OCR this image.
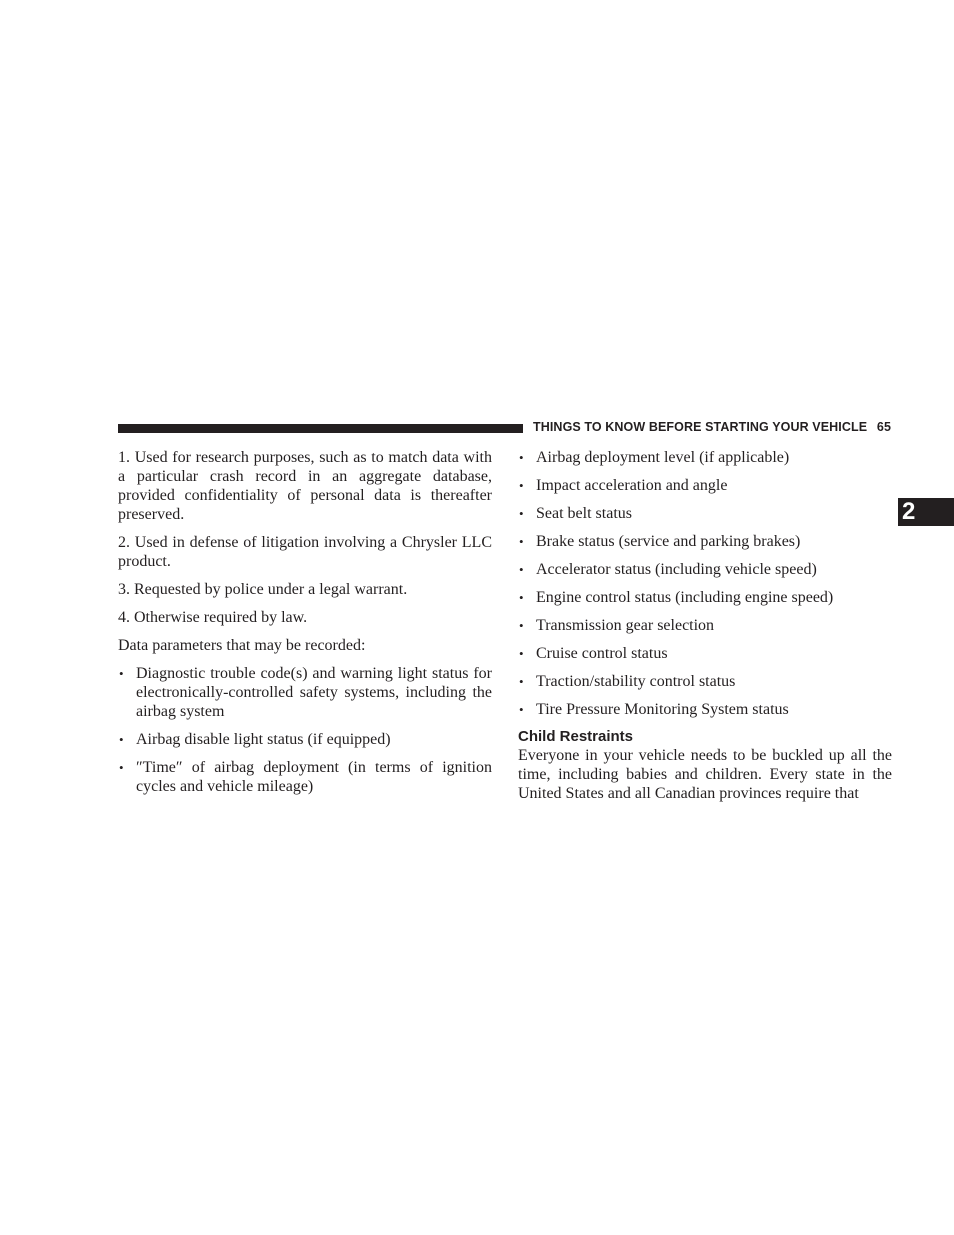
THINGS TO KNOW BEFORE STARTING YOUR VEHICLE 65
2

1. Used for research purposes, such as to match data with a particular crash record in an aggregate database, provided confidentiality of personal data is thereafter preserved.

2. Used in defense of litigation involving a Chrysler LLC product.

3. Requested by police under a legal warrant.

4. Otherwise required by law.

Data parameters that may be recorded:

• Diagnostic trouble code(s) and warning light status for electronically-controlled safety systems, including the airbag system
• Airbag disable light status (if equipped)
• ″Time″ of airbag deployment (in terms of ignition cycles and vehicle mileage)
• Airbag deployment level (if applicable)
• Impact acceleration and angle
• Seat belt status
• Brake status (service and parking brakes)
• Accelerator status (including vehicle speed)
• Engine control status (including engine speed)
• Transmission gear selection
• Cruise control status
• Traction/stability control status
• Tire Pressure Monitoring System status
Child Restraints

Everyone in your vehicle needs to be buckled up all the time, including babies and children. Every state in the United States and all Canadian provinces require that
